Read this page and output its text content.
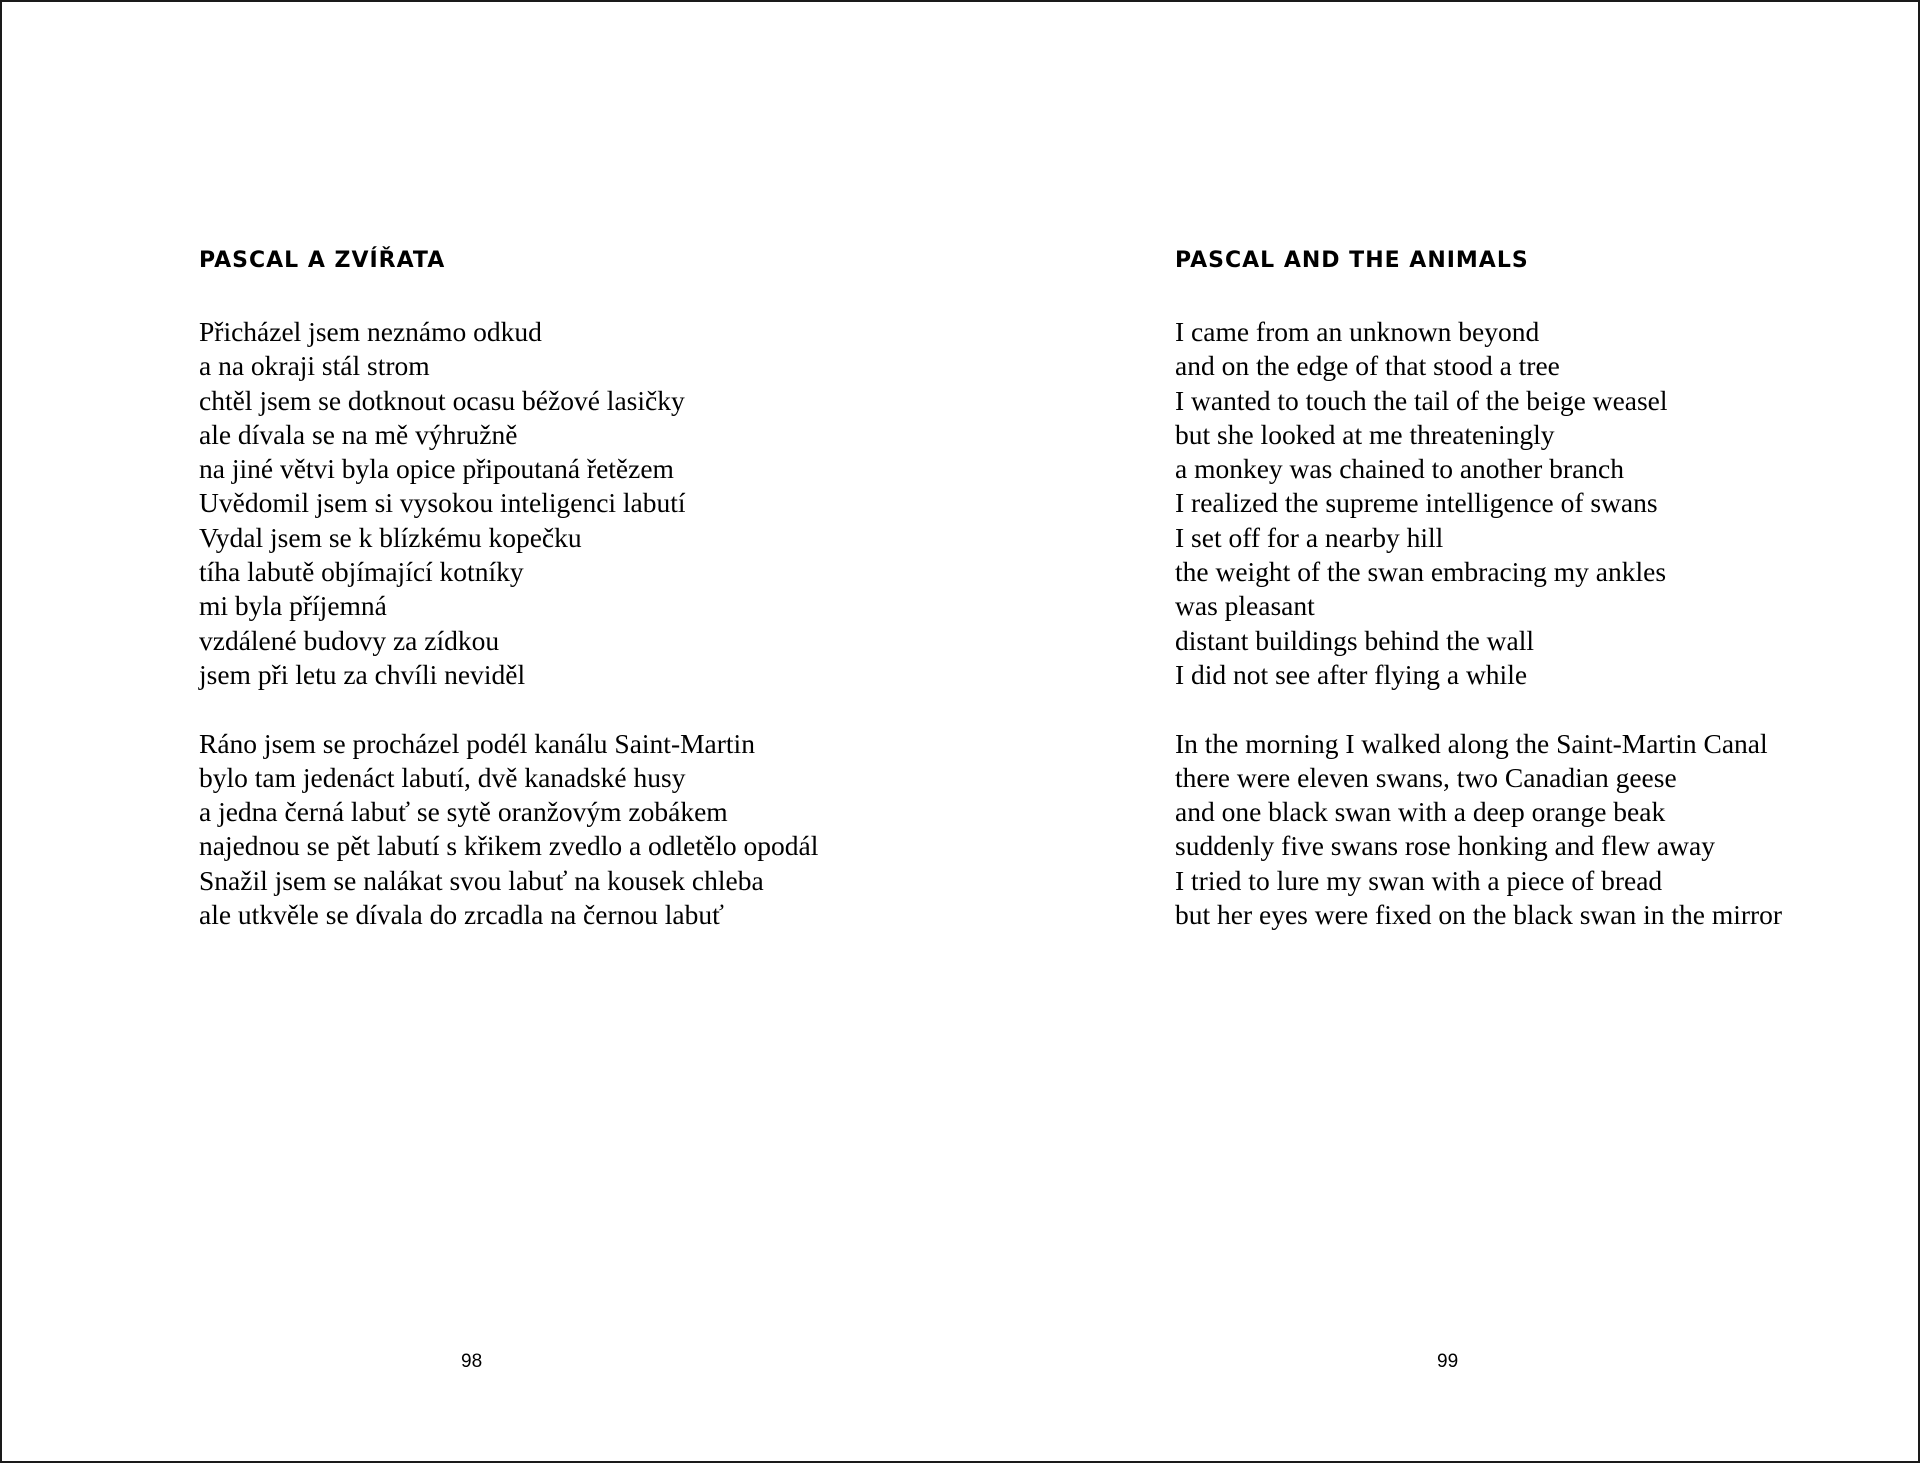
PASCAL A ZVÍŘATA

Přicházel jsem neznámo odkud
a na okraji stál strom
chtěl jsem se dotknout ocasu béžové lasičky
ale dívala se na mě výhružně
na jiné větvi byla opice připoutaná řetězem
Uvědomil jsem si vysokou inteligenci labutí
Vydal jsem se k blízkému kopečku
tíha labutě objímající kotníky
mi byla příjemná
vzdálené budovy za zídkou
jsem při letu za chvíli neviděl

Ráno jsem se procházel podél kanálu Saint-Martin
bylo tam jedenáct labutí, dvě kanadské husy
a jedna černá labuť se sytě oranžovým zobákem
najednou se pět labutí s křikem zvedlo a odletělo opodál
Snažil jsem se nalákat svou labuť na kousek chleba
ale utkvěle se dívala do zrcadla na černou labuť

98
PASCAL AND THE ANIMALS

I came from an unknown beyond
and on the edge of that stood a tree
I wanted to touch the tail of the beige weasel
but she looked at me threateningly
a monkey was chained to another branch
I realized the supreme intelligence of swans
I set off for a nearby hill
the weight of the swan embracing my ankles
was pleasant
distant buildings behind the wall
I did not see after flying a while

In the morning I walked along the Saint-Martin Canal
there were eleven swans, two Canadian geese
and one black swan with a deep orange beak
suddenly five swans rose honking and flew away
I tried to lure my swan with a piece of bread
but her eyes were fixed on the black swan in the mirror

99
